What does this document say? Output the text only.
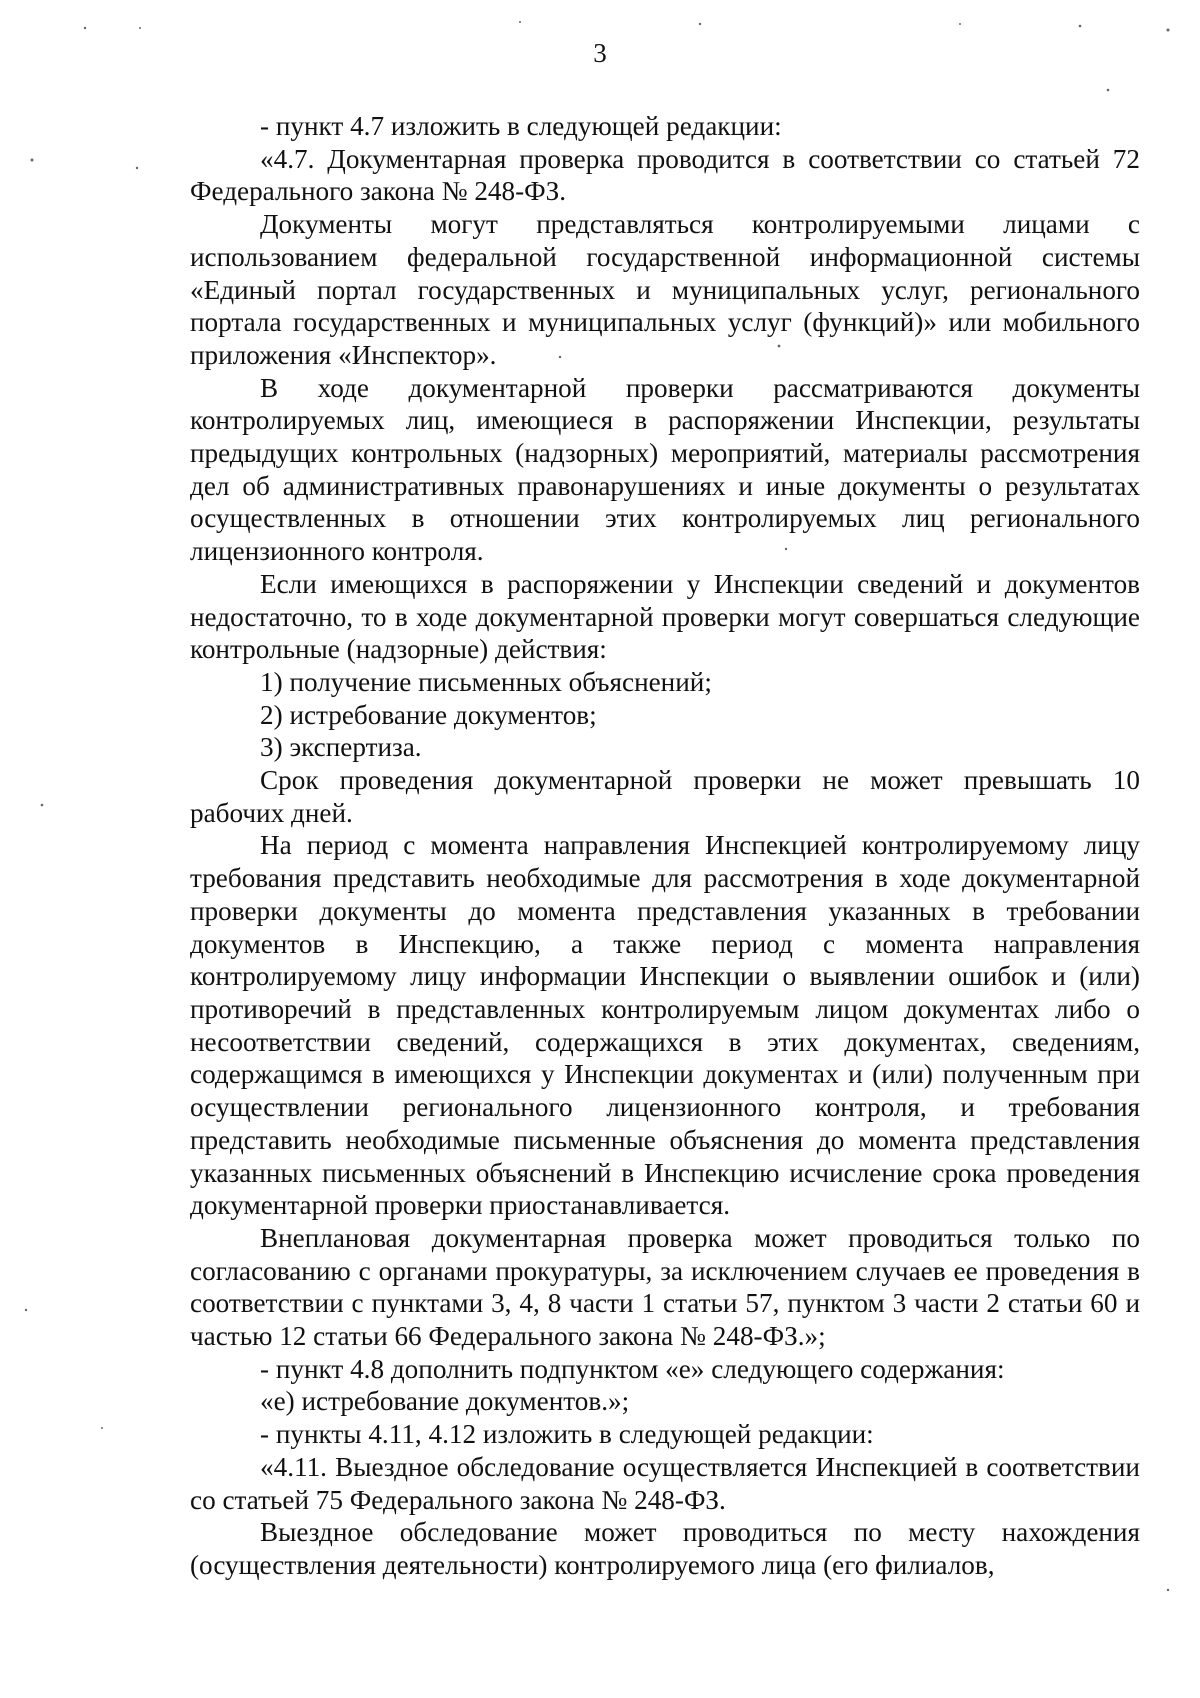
3

- пункт 4.7 изложить в следующей редакции:

«4.7. Документарная проверка проводится в соответствии со статьей 72 Федерального закона № 248-ФЗ.

Документы могут представляться контролируемыми лицами с использованием федеральной государственной информационной системы «Единый портал государственных и муниципальных услуг, регионального портала государственных и муниципальных услуг (функций)» или мобильного приложения «Инспектор».

В ходе документарной проверки рассматриваются документы контролируемых лиц, имеющиеся в распоряжении Инспекции, результаты предыдущих контрольных (надзорных) мероприятий, материалы рассмотрения дел об административных правонарушениях и иные документы о результатах осуществленных в отношении этих контролируемых лиц регионального лицензионного контроля.

Если имеющихся в распоряжении у Инспекции сведений и документов недостаточно, то в ходе документарной проверки могут совершаться следующие контрольные (надзорные) действия:

1) получение письменных объяснений;

2) истребование документов;

3) экспертиза.

Срок проведения документарной проверки не может превышать 10 рабочих дней.

На период с момента направления Инспекцией контролируемому лицу требования представить необходимые для рассмотрения в ходе документарной проверки документы до момента представления указанных в требовании документов в Инспекцию, а также период с момента направления контролируемому лицу информации Инспекции о выявлении ошибок и (или) противоречий в представленных контролируемым лицом документах либо о несоответствии сведений, содержащихся в этих документах, сведениям, содержащимся в имеющихся у Инспекции документах и (или) полученным при осуществлении регионального лицензионного контроля, и требования представить необходимые письменные объяснения до момента представления указанных письменных объяснений в Инспекцию исчисление срока проведения документарной проверки приостанавливается.

Внеплановая документарная проверка может проводиться только по согласованию с органами прокуратуры, за исключением случаев ее проведения в соответствии с пунктами 3, 4, 8 части 1 статьи 57, пунктом 3 части 2 статьи 60 и частью 12 статьи 66 Федерального закона № 248-ФЗ.»;

- пункт 4.8 дополнить подпунктом «е» следующего содержания:

«е) истребование документов.»;

- пункты 4.11, 4.12 изложить в следующей редакции:

«4.11. Выездное обследование осуществляется Инспекцией в соответствии со статьей 75 Федерального закона № 248-ФЗ.

Выездное обследование может проводиться по месту нахождения (осуществления деятельности) контролируемого лица (его филиалов,
